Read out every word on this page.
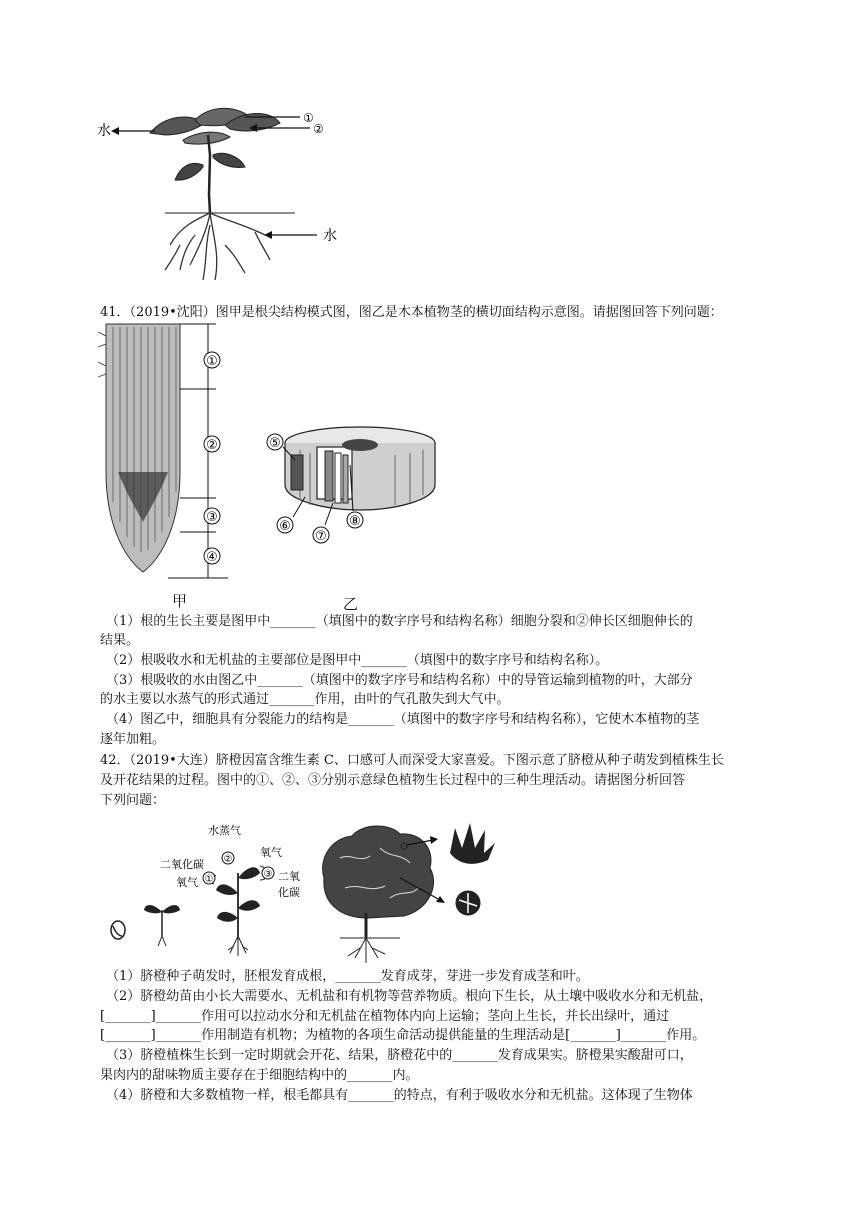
水
水
①
②
41．（2019•沈阳）图甲是根尖结构模式图，图乙是木本植物茎的横切面结构示意图。请据图回答下列问题：
①
②
③
④
⑤
⑥
⑦
⑧
甲	乙
（1）根的生长主要是图甲中_______（填图中的数字序号和结构名称）细胞分裂和②伸长区细胞伸长的
结果。
（2）根吸收水和无机盐的主要部位是图甲中_______（填图中的数字序号和结构名称）。
（3）根吸收的水由图乙中_______（填图中的数字序号和结构名称）中的导管运输到植物的叶，大部分
的水主要以水蒸气的形式通过_______作用，由叶的气孔散失到大气中。
（4）图乙中，细胞具有分裂能力的结构是_______（填图中的数字序号和结构名称），它使木本植物的茎
逐年加粗。
42．（2019•大连）脐橙因富含维生素 C、口感可人而深受大家喜爱。下图示意了脐橙从种子萌发到植株生长
及开花结果的过程。图中的①、②、③分别示意绿色植物生长过程中的三种生理活动。请据图分析回答
下列问题：
①
②
③
水蒸气
二氧化碳
氧气
氧气
二氧
化碳
（1）脐橙种子萌发时，胚根发育成根，_______发育成芽，芽进一步发育成茎和叶。
（2）脐橙幼苗由小长大需要水、无机盐和有机物等营养物质。根向下生长，从土壤中吸收水分和无机盐，
[_______]_______作用可以拉动水分和无机盐在植物体内向上运输；茎向上生长，并长出绿叶，通过
[_______]_______作用制造有机物；为植物的各项生命活动提供能量的生理活动是[_______]_______作用。
（3）脐橙植株生长到一定时期就会开花、结果，脐橙花中的_______发育成果实。脐橙果实酸甜可口，
果肉内的甜味物质主要存在于细胞结构中的_______内。
（4）脐橙和大多数植物一样，根毛都具有_______的特点，有利于吸收水分和无机盐。这体现了生物体
